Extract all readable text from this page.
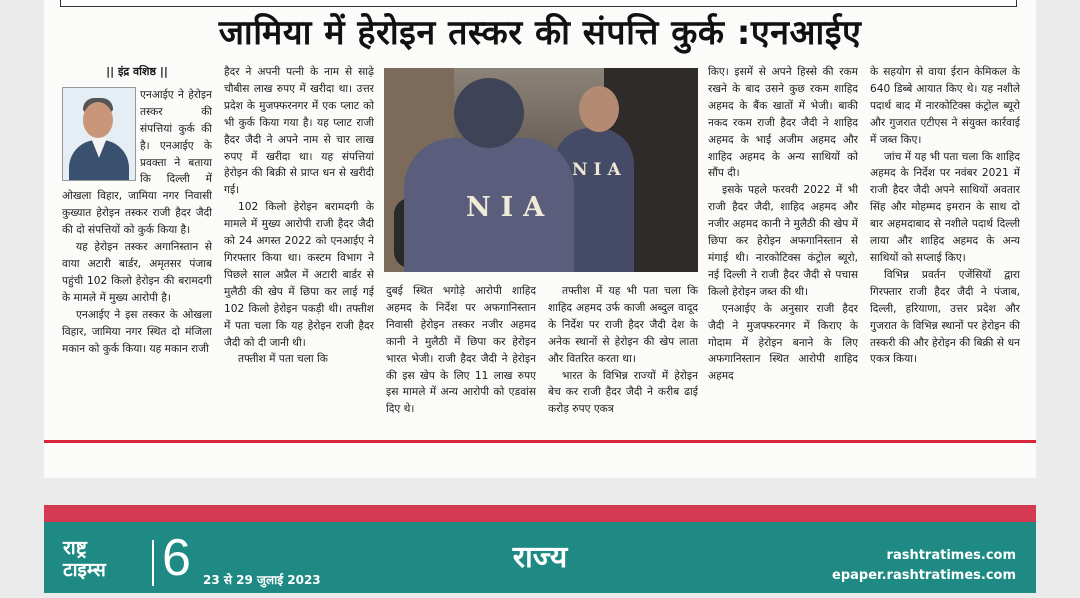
जामिया में हेरोइन तस्कर की संपत्ति कुर्क :एनआईए
|| इंद्र वशिष्ठ ||

एनआईए ने हेरोइन तस्कर की संपत्तियां कुर्क की है। एनआईए के प्रवक्ता ने बताया कि दिल्ली में ओखला विहार, जामिया नगर निवासी कुख्यात हेरोइन तस्कर राजी हैदर जैदी की दो संपत्तियों को कुर्क किया है।

यह हेरोइन तस्कर अगानिस्तान से वाया अटारी बार्डर, अमृतसर पंजाब पहुंची 102 किलो हेरोइन की बरामदगी के मामले में मुख्य आरोपी है।

एनआईए ने इस तस्कर के ओखला विहार, जामिया नगर स्थित दो मंजिला मकान को कुर्क किया। यह मकान राजी

हैदर ने अपनी पत्नी के नाम से साढ़े चौबीस लाख रुपए में खरीदा था। उत्तर प्रदेश के मुजफ्फरनगर में एक प्लाट को भी कुर्क किया गया है। यह प्लाट राजी हैदर जैदी ने अपने नाम से चार लाख रुपए में खरीदा था। यह संपत्तियां हेरोइन की बिक्री से प्राप्त धन से खरीदी गई।

102 किलो हेरोइन बरामदगी के मामले में मुख्य आरोपी राजी हैदर जैदी को 24 अगस्त 2022 को एनआईए ने गिरफ्तार किया था। कस्टम विभाग ने पिछले साल अप्रैल में अटारी बार्डर से मुलैठी की खेप में छिपा कर लाई गई 102 किलो हेरोइन पकड़ी थी। तफ्तीश में पता चला कि यह हेरोइन राजी हैदर जैदी को दी जानी थी।

तफ्तीश में पता चला कि

NIA
NIA

दुबई स्थित भगोड़े आरोपी शाहिद अहमद के निर्देश पर अफगानिस्तान निवासी हेरोइन तस्कर नजीर अहमद कानी ने मुलैठी में छिपा कर हेरोइन भारत भेजी। राजी हैदर जैदी ने हेरोइन की इस खेप के लिए 11 लाख रुपए इस मामले में अन्य आरोपी को एडवांस दिए थे।

तफ्तीश में यह भी पता चला कि शाहिद अहमद उर्फ काजी अब्दुल वादूद के निर्देश पर राजी हैदर जैदी देश के अनेक स्थानों से हेरोइन की खेप लाता और वितरित करता था।

भारत के विभिन्न राज्यों में हेरोइन बेच कर राजी हैदर जैदी ने करीब ढाई करोड़ रुपए एकत्र

किए। इसमें से अपने हिस्से की रकम रखने के बाद उसने कुछ रकम शाहिद अहमद के बैंक खातों में भेजी। बाकी नकद रकम राजी हैदर जैदी ने शाहिद अहमद के भाई अजीम अहमद और शाहिद अहमद के अन्य साथियों को सौंप दी।

इसके पहले फरवरी 2022 में भी राजी हैदर जैदी, शाहिद अहमद और नजीर अहमद कानी ने मुलैठी की खेप में छिपा कर हेरोइन अफगानिस्तान से मंगाई थी। नारकोटिक्स कंट्रोल ब्यूरो, नई दिल्ली ने राजी हैदर जैदी से पचास किलो हेरोइन जब्त की थी।

एनआईए के अनुसार राजी हैदर जैदी ने मुजफ्फरनगर में किराए के गोदाम में हेरोइन बनाने के लिए अफगानिस्तान स्थित आरोपी शाहिद अहमद

के सहयोग से वाया ईरान केमिकल के 640 डिब्बे आयात किए थे। यह नशीले पदार्थ बाद में नारकोटिक्स कंट्रोल ब्यूरो और गुजरात एटीएस ने संयुक्त कार्रवाई में जब्त किए।

जांच में यह भी पता चला कि शाहिद अहमद के निर्देश पर नवंबर 2021 में राजी हैदर जैदी अपने साथियों अवतार सिंह और मोहम्मद इमरान के साथ दो बार अहमदाबाद से नशीले पदार्थ दिल्ली लाया और शाहिद अहमद के अन्य साथियों को सप्लाई किए।

विभिन्न प्रवर्तन एजेंसियों द्वारा गिरफ्तार राजी हैदर जैदी ने पंजाब, दिल्ली, हरियाणा, उत्तर प्रदेश और गुजरात के विभिन्न स्थानों पर हेरोइन की तस्करी की और हेरोइन की बिक्री से धन एकत्र किया।

राष्ट्र
टाइम्स 6 23 से 29 जुलाई 2023
राज्य	rashtratimes.com
epaper.rashtratimes.com
